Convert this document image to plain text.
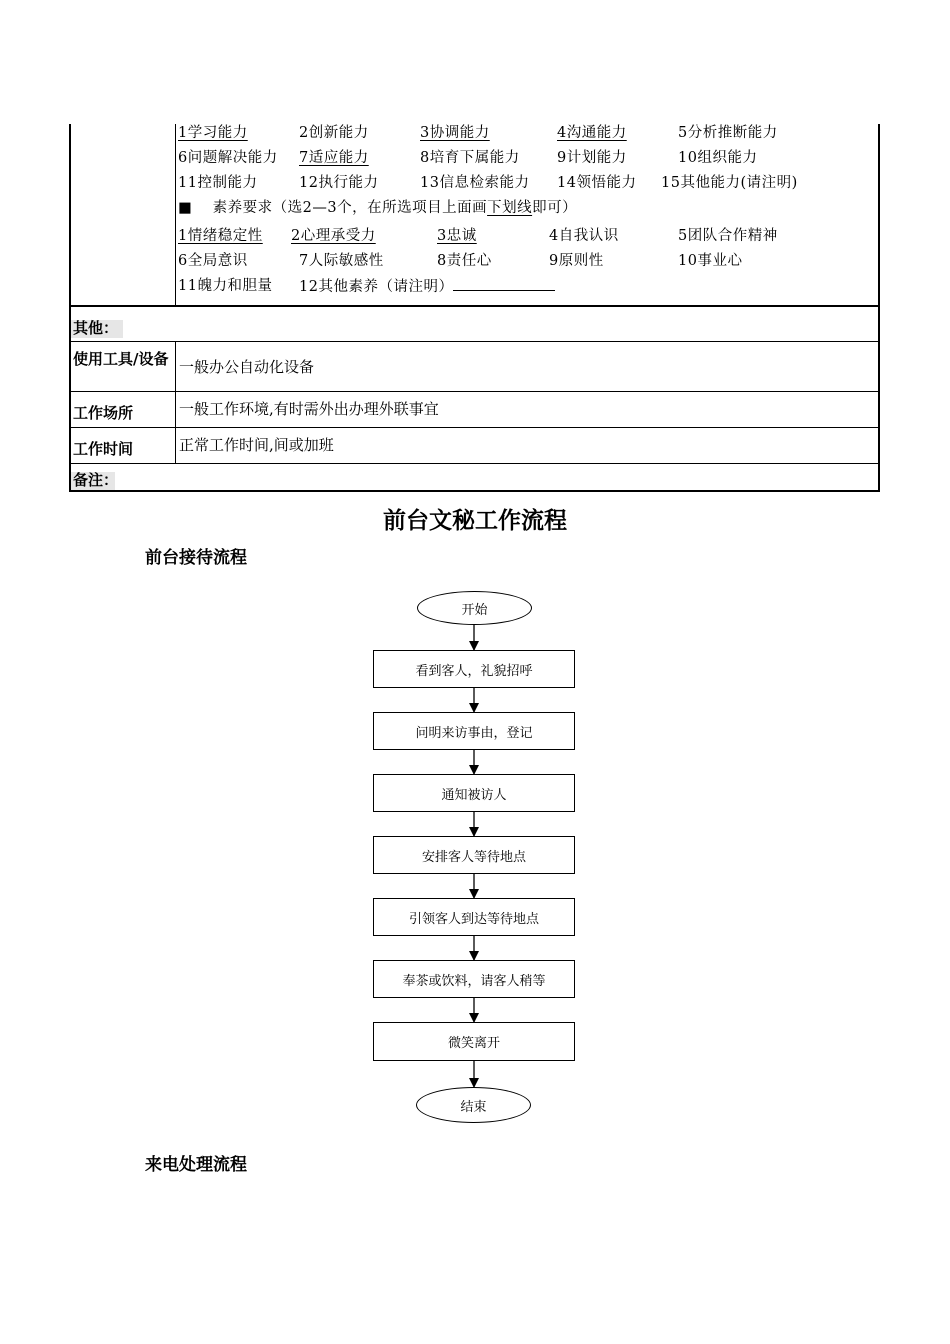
1学习能力	2创新能力	3协调能力	4沟通能力	5分析推断能力
6问题解决能力 7适应能力	8培育下属能力	9计划能力	10组织能力
11控制能力	12执行能力	13信息检索能力 14领悟能力 15其他能力(请注明)
■ 素养要求（选2—3个，在所选项目上面画下划线即可）
1情绪稳定性 2心理承受力	3忠诚	4自我认识	5团队合作精神
6全局意识	7人际敏感性	8责任心	9原则性	10事业心
11魄力和胆量 12其他素养（请注明）
其他：
使用工具/设备 一般办公自动化设备
工作场所	一般工作环境,有时需外出办理外联事宜
工作时间	正常工作时间,间或加班
备注：
前台文秘工作流程
前台接待流程
来电处理流程
开始
看到客人，礼貌招呼
问明来访事由，登记
通知被访人
安排客人等待地点
引领客人到达等待地点
奉茶或饮料，请客人稍等
微笑离开
结束
